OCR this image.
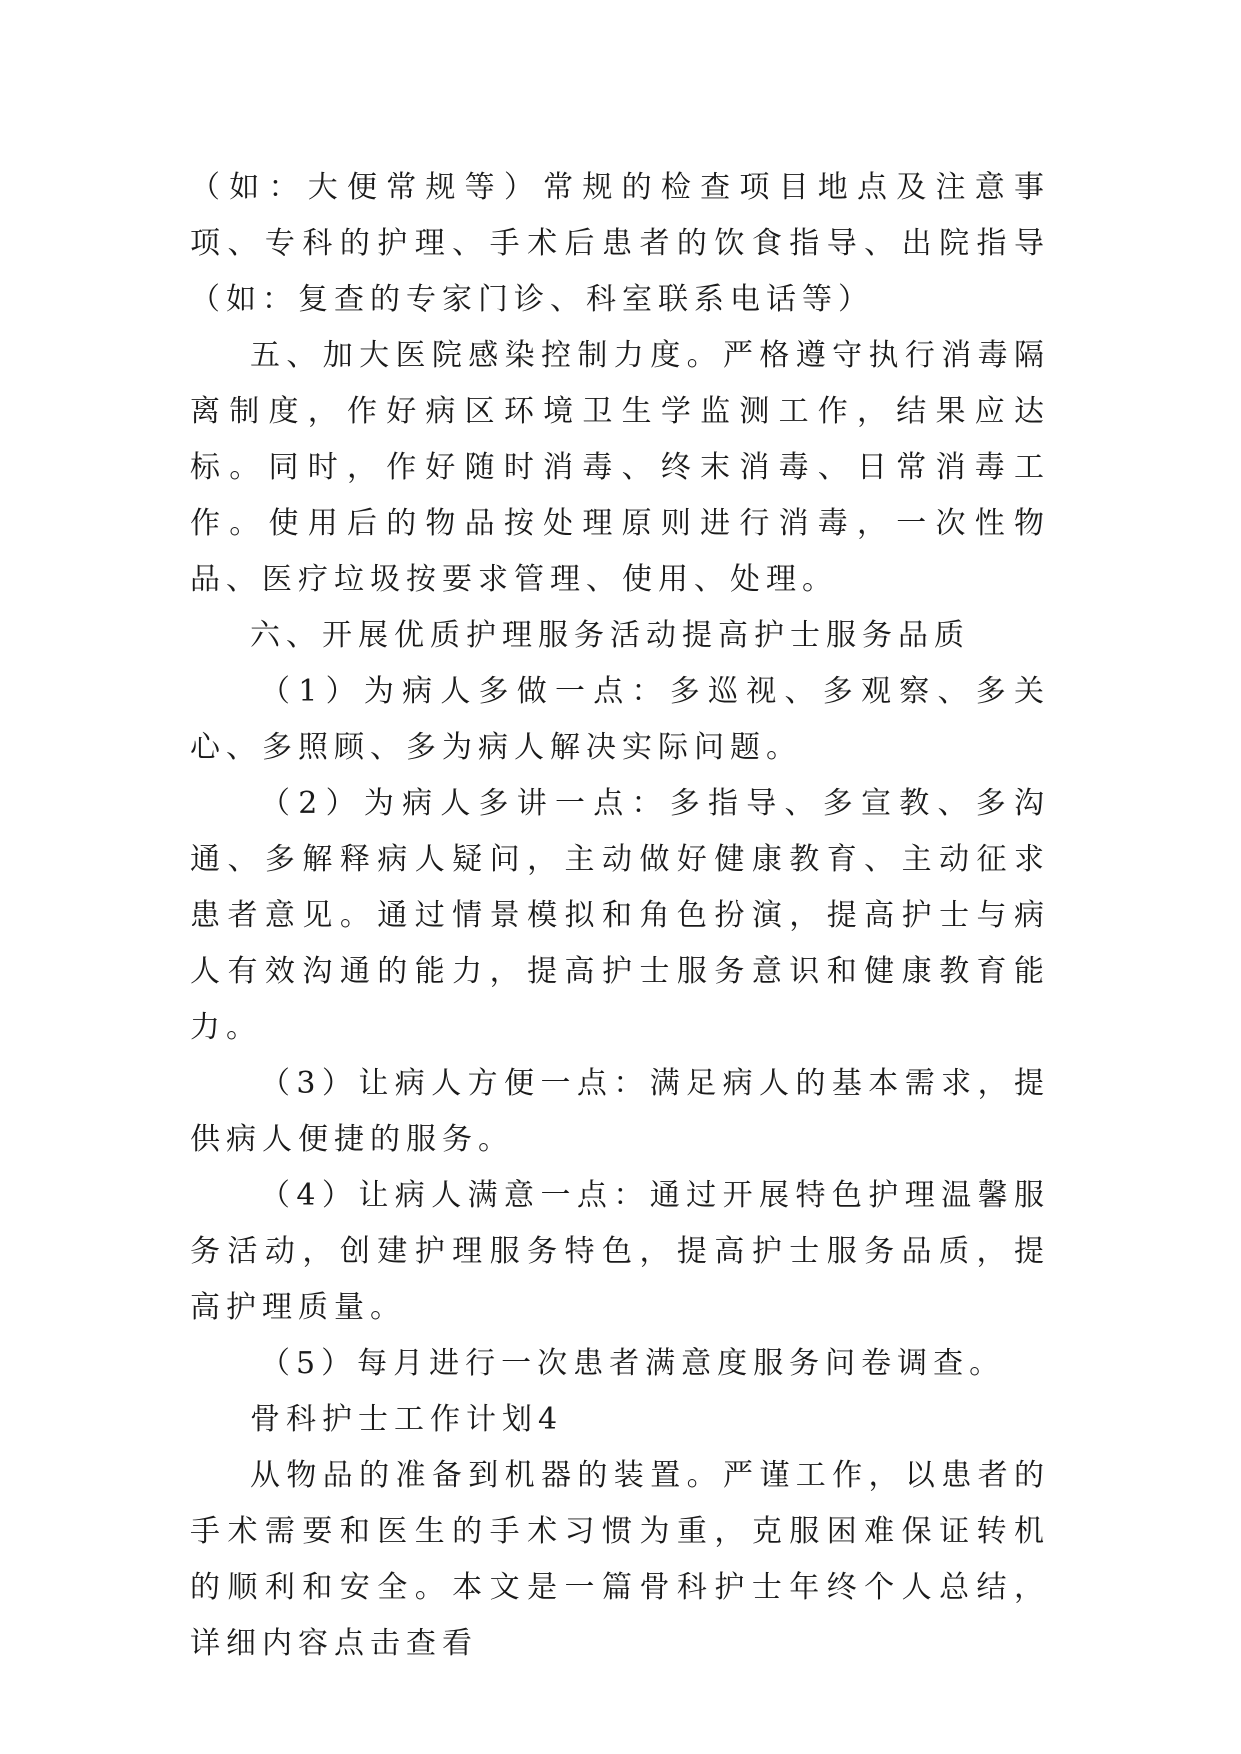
（如：大便常规等）常规的检查项目地点及注意事项、专科的护理、手术后患者的饮食指导、出院指导（如：复查的专家门诊、科室联系电话等）

五、加大医院感染控制力度。严格遵守执行消毒隔离制度，作好病区环境卫生学监测工作，结果应达标。同时，作好随时消毒、终末消毒、日常消毒工作。使用后的物品按处理原则进行消毒，一次性物品、医疗垃圾按要求管理、使用、处理。

六、开展优质护理服务活动提高护士服务品质

（1）为病人多做一点：多巡视、多观察、多关心、多照顾、多为病人解决实际问题。

（2）为病人多讲一点：多指导、多宣教、多沟通、多解释病人疑问，主动做好健康教育、主动征求患者意见。通过情景模拟和角色扮演，提高护士与病人有效沟通的能力，提高护士服务意识和健康教育能力。

（3）让病人方便一点：满足病人的基本需求，提供病人便捷的服务。

（4）让病人满意一点：通过开展特色护理温馨服务活动，创建护理服务特色，提高护士服务品质，提高护理质量。

（5）每月进行一次患者满意度服务问卷调查。

骨科护士工作计划4

从物品的准备到机器的装置。严谨工作，以患者的手术需要和医生的手术习惯为重，克服困难保证转机的顺利和安全。本文是一篇骨科护士年终个人总结，详细内容点击查看
